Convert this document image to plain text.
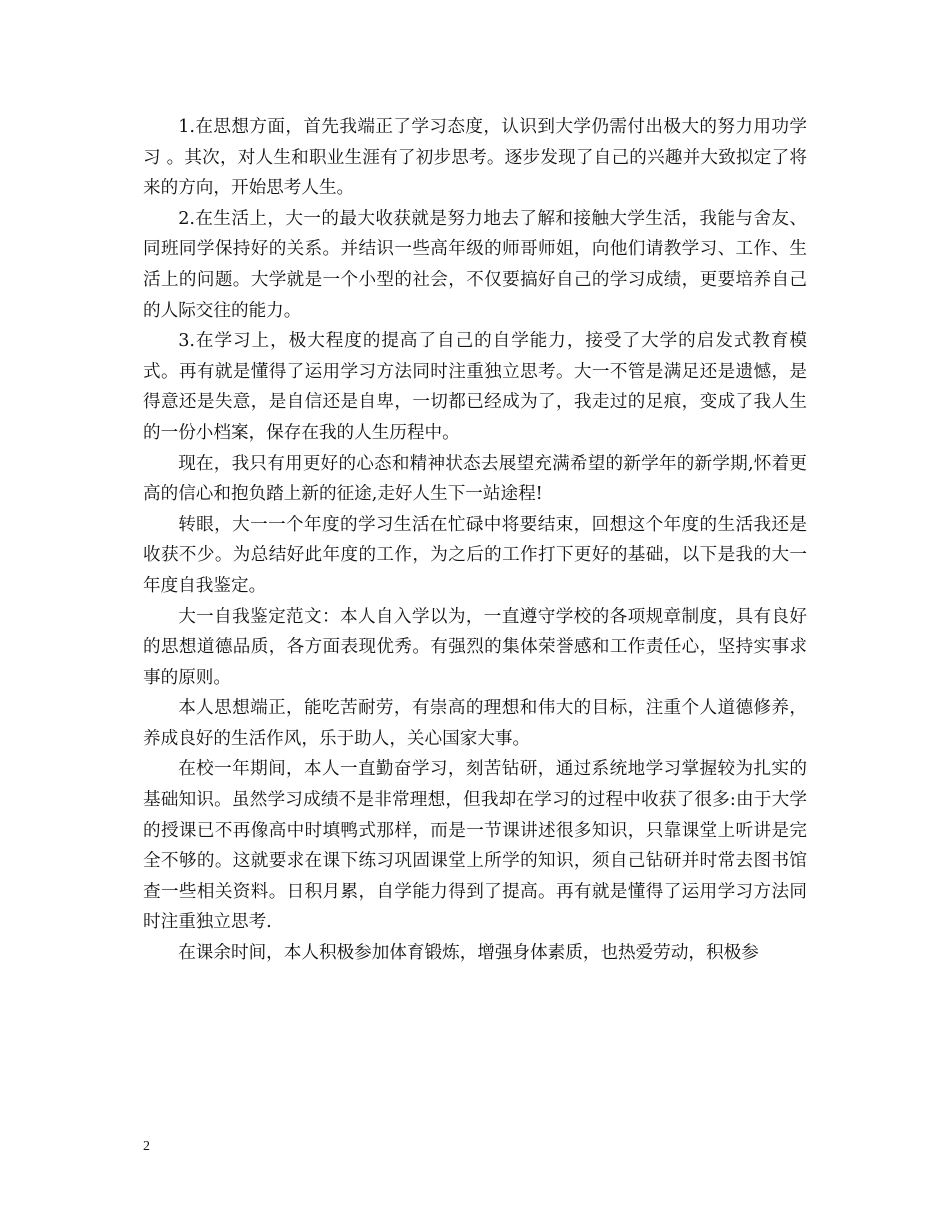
1.在思想方面，首先我端正了学习态度，认识到大学仍需付出极大的努力用功学习 。其次，对人生和职业生涯有了初步思考。逐步发现了自己的兴趣并大致拟定了将来的方向，开始思考人生。

2.在生活上，大一的最大收获就是努力地去了解和接触大学生活，我能与舍友、同班同学保持好的关系。并结识一些高年级的师哥师姐，向他们请教学习、工作、生活上的问题。大学就是一个小型的社会，不仅要搞好自己的学习成绩，更要培养自己的人际交往的能力。

3.在学习上，极大程度的提高了自己的自学能力，接受了大学的启发式教育模式。再有就是懂得了运用学习方法同时注重独立思考。大一不管是满足还是遗憾，是得意还是失意，是自信还是自卑，一切都已经成为了，我走过的足痕，变成了我人生的一份小档案，保存在我的人生历程中。

现在，我只有用更好的心态和精神状态去展望充满希望的新学年的新学期,怀着更高的信心和抱负踏上新的征途,走好人生下一站途程!

转眼，大一一个年度的学习生活在忙碌中将要结束，回想这个年度的生活我还是收获不少。为总结好此年度的工作，为之后的工作打下更好的基础，以下是我的大一年度自我鉴定。

大一自我鉴定范文：本人自入学以为，一直遵守学校的各项规章制度，具有良好的思想道德品质，各方面表现优秀。有强烈的集体荣誉感和工作责任心，坚持实事求事的原则。

本人思想端正，能吃苦耐劳，有崇高的理想和伟大的目标，注重个人道德修养，养成良好的生活作风，乐于助人，关心国家大事。

在校一年期间，本人一直勤奋学习，刻苦钻研，通过系统地学习掌握较为扎实的基础知识。虽然学习成绩不是非常理想，但我却在学习的过程中收获了很多:由于大学的授课已不再像高中时填鸭式那样，而是一节课讲述很多知识，只靠课堂上听讲是完全不够的。这就要求在课下练习巩固课堂上所学的知识，须自己钻研并时常去图书馆查一些相关资料。日积月累，自学能力得到了提高。再有就是懂得了运用学习方法同时注重独立思考.

在课余时间，本人积极参加体育锻炼，增强身体素质，也热爱劳动，积极参

2
